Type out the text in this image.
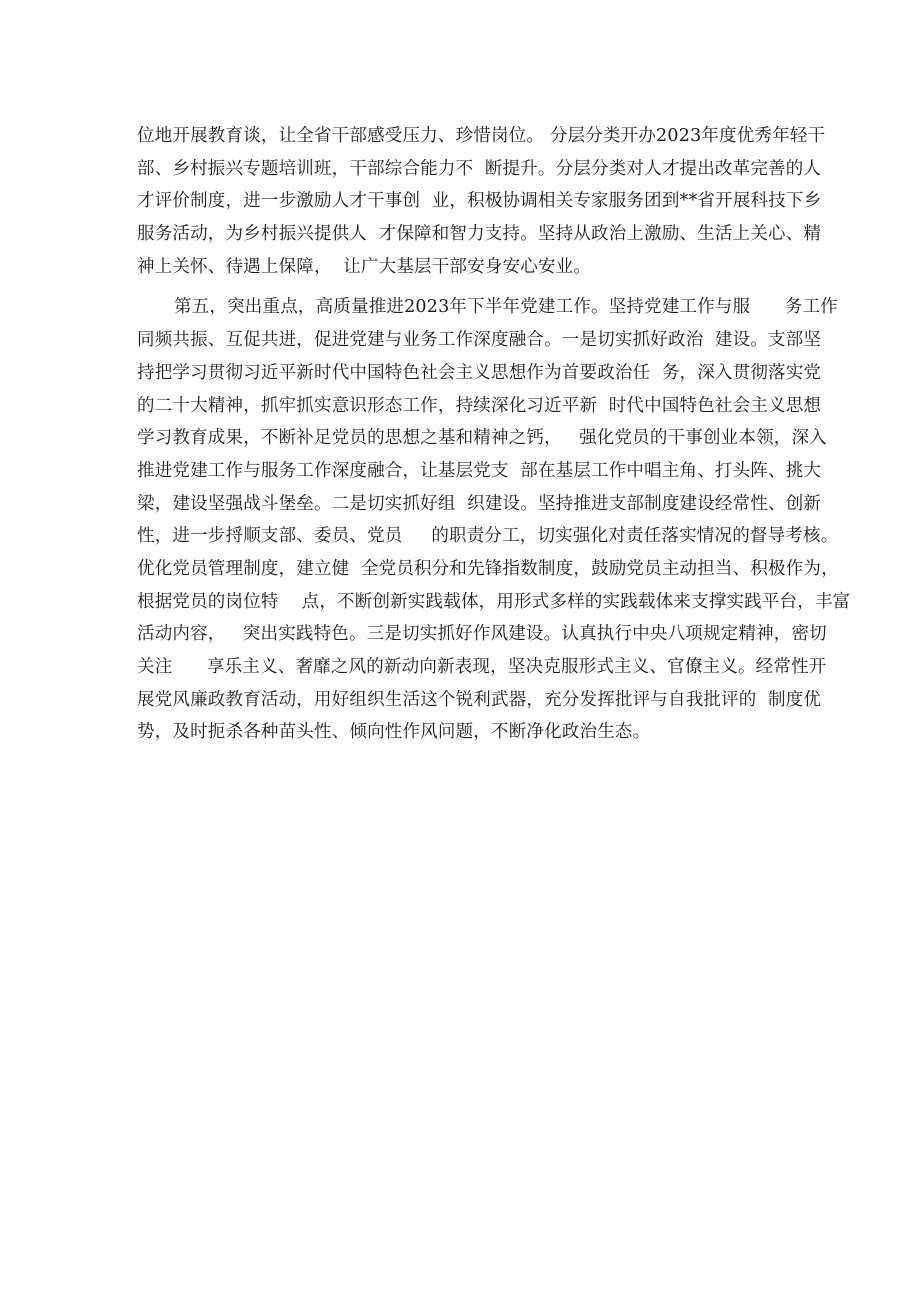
位地开展教育谈，让全省干部感受压力、珍惜岗位。 分层分类开办2023年度优秀年轻干
部、乡村振兴专题培训班，干部综合能力不  断提升。分层分类对人才提出改革完善的人
才评价制度，进一步激励人才干事创  业，积极协调相关专家服务团到**省开展科技下乡
服务活动，为乡村振兴提供人  才保障和智力支持。坚持从政治上激励、生活上关心、精
神上关怀、待遇上保障，  让广大基层干部安身安心安业。
第五，突出重点，高质量推进2023年下半年党建工作。坚持党建工作与服      务工作
同频共振、互促共进，促进党建与业务工作深度融合。一是切实抓好政治  建设。支部坚
持把学习贯彻习近平新时代中国特色社会主义思想作为首要政治任  务，深入贯彻落实党
的二十大精神，抓牢抓实意识形态工作，持续深化习近平新  时代中国特色社会主义思想
学习教育成果，不断补足党员的思想之基和精神之钙，   强化党员的干事创业本领，深入
推进党建工作与服务工作深度融合，让基层党支  部在基层工作中唱主角、打头阵、挑大
梁，建设坚强战斗堡垒。二是切实抓好组  织建设。坚持推进支部制度建设经常性、创新
性，进一步捋顺支部、委员、党员     的职责分工，切实强化对责任落实情况的督导考核。
优化党员管理制度，建立健  全党员积分和先锋指数制度，鼓励党员主动担当、积极作为，
根据党员的岗位特    点，不断创新实践载体，用形式多样的实践载体来支撑实践平台，丰富
活动内容，   突出实践特色。三是切实抓好作风建设。认真执行中央八项规定精神，密切
关注      享乐主义、奢靡之风的新动向新表现，坚决克服形式主义、官僚主义。经常性开
展党风廉政教育活动，用好组织生活这个锐利武器，充分发挥批评与自我批评的  制度优
势，及时扼杀各种苗头性、倾向性作风问题，不断净化政治生态。
